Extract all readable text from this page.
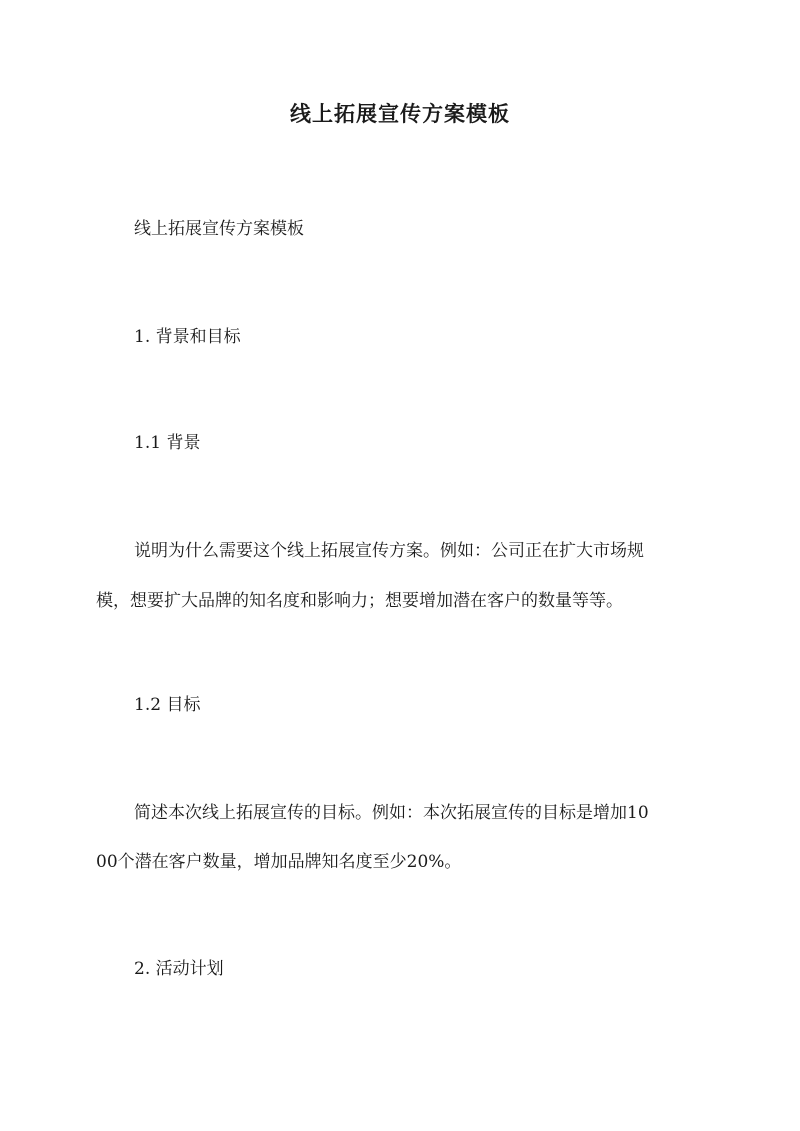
线上拓展宣传方案模板
线上拓展宣传方案模板
1. 背景和目标
1.1 背景
说明为什么需要这个线上拓展宣传方案。例如：公司正在扩大市场规
模，想要扩大品牌的知名度和影响力；想要增加潜在客户的数量等等。
1.2 目标
简述本次线上拓展宣传的目标。例如：本次拓展宣传的目标是增加10
00个潜在客户数量，增加品牌知名度至少20%。
2. 活动计划
